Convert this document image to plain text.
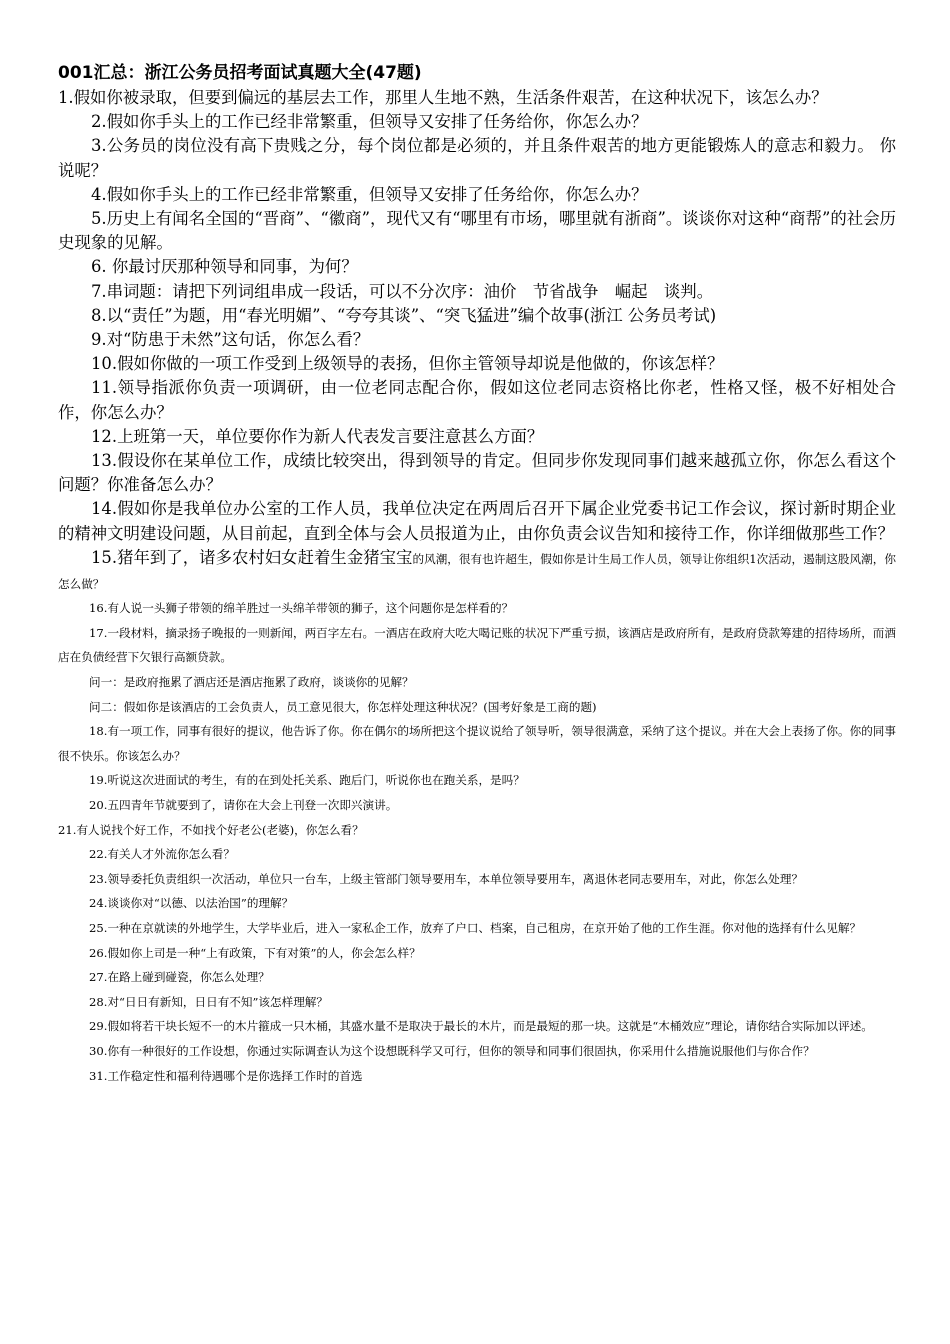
001汇总：浙江公务员招考面试真题大全(47题)

1.假如你被录取，但要到偏远的基层去工作，那里人生地不熟，生活条件艰苦，在这种状况下，该怎么办？

2.假如你手头上的工作已经非常繁重，但领导又安排了任务给你，你怎么办？

3.公务员的岗位没有高下贵贱之分，每个岗位都是必须的，并且条件艰苦的地方更能锻炼人的意志和毅力。 你说呢？

4.假如你手头上的工作已经非常繁重，但领导又安排了任务给你，你怎么办？

5.历史上有闻名全国的“晋商”、“徽商”，现代又有“哪里有市场，哪里就有浙商”。谈谈你对这种“商帮”的社会历史现象的见解。

6. 你最讨厌那种领导和同事，为何？

7.串词题：请把下列词组串成一段话，可以不分次序：油价　节省战争　崛起　谈判。

8.以“责任”为题，用“春光明媚”、“夸夸其谈”、“突飞猛进”编个故事(浙江 公务员考试)

9.对“防患于未然”这句话，你怎么看？

10.假如你做的一项工作受到上级领导的表扬，但你主管领导却说是他做的，你该怎样？

11.领导指派你负责一项调研，由一位老同志配合你，假如这位老同志资格比你老，性格又怪，极不好相处合作，你怎么办？

12.上班第一天，单位要你作为新人代表发言要注意甚么方面？

13.假设你在某单位工作，成绩比较突出，得到领导的肯定。但同步你发现同事们越来越孤立你，你怎么看这个问题？你准备怎么办？

14.假如你是我单位办公室的工作人员，我单位决定在两周后召开下属企业党委书记工作会议，探讨新时期企业的精神文明建设问题，从目前起，直到全体与会人员报道为止，由你负责会议告知和接待工作，你详细做那些工作？

15.猪年到了，诸多农村妇女赶着生金猪宝宝的风潮，很有也许超生，假如你是计生局工作人员，领导让你组织1次活动，遏制这股风潮，你怎么做？

16.有人说一头狮子带领的绵羊胜过一头绵羊带领的狮子，这个问题你是怎样看的？

17.一段材料，摘录扬子晚报的一则新闻，两百字左右。一酒店在政府大吃大喝记账的状况下严重亏损，该酒店是政府所有，是政府贷款筹建的招待场所，而酒店在负债经营下欠银行高额贷款。

问一：是政府拖累了酒店还是酒店拖累了政府，谈谈你的见解？

问二：假如你是该酒店的工会负责人，员工意见很大，你怎样处理这种状况？(国考好象是工商的题)

18.有一项工作，同事有很好的提议，他告诉了你。你在偶尔的场所把这个提议说给了领导听，领导很满意，采纳了这个提议。并在大会上表扬了你。你的同事很不快乐。你该怎么办？

19.听说这次进面试的考生，有的在到处托关系、跑后门，听说你也在跑关系，是吗？

20.五四青年节就要到了，请你在大会上刊登一次即兴演讲。

21.有人说找个好工作，不如找个好老公(老婆)，你怎么看？

22.有关人才外流你怎么看？

23.领导委托负责组织一次活动，单位只一台车，上级主管部门领导要用车，本单位领导要用车，离退休老同志要用车，对此，你怎么处理？

24.谈谈你对“以德、以法治国”的理解？

25.一种在京就读的外地学生，大学毕业后，进入一家私企工作，放弃了户口、档案，自己租房，在京开始了他的工作生涯。你对他的选择有什么见解？

26.假如你上司是一种“上有政策，下有对策”的人，你会怎么样？

27.在路上碰到碰瓷，你怎么处理？

28.对“日日有新知，日日有不知”该怎样理解？

29.假如将若干块长短不一的木片箍成一只木桶，其盛水量不是取决于最长的木片，而是最短的那一块。这就是“木桶效应”理论，请你结合实际加以评述。

30.你有一种很好的工作设想，你通过实际调查认为这个设想既科学又可行，但你的领导和同事们很固执，你采用什么措施说服他们与你合作？

31.工作稳定性和福利待遇哪个是你选择工作时的首选
